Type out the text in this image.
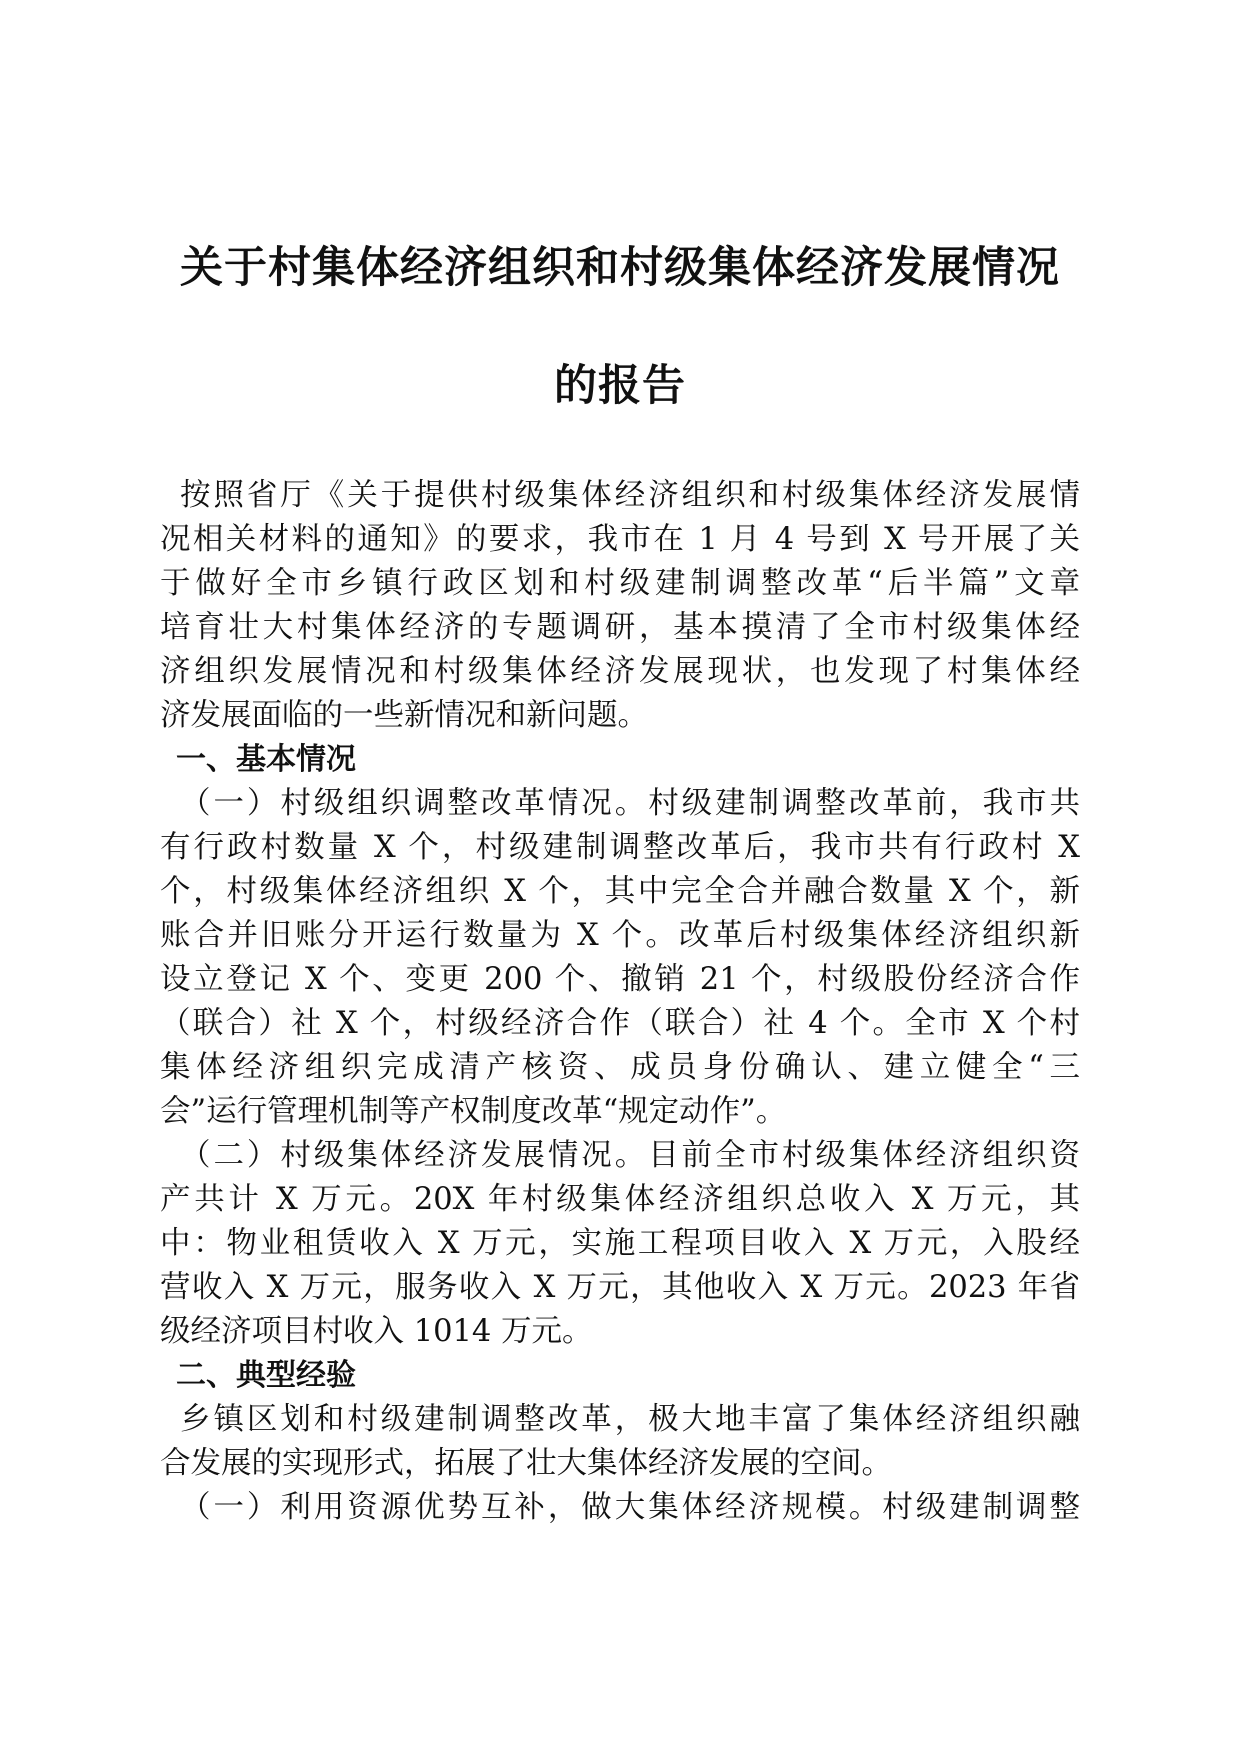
关于村集体经济组织和村级集体经济发展情况
的报告
按照省厅《关于提供村级集体经济组织和村级集体经济发展情
况相关材料的通知》的要求，我市在 1 月 4 号到 X 号开展了关
于做好全市乡镇行政区划和村级建制调整改革“后半篇”文章
培育壮大村集体经济的专题调研，基本摸清了全市村级集体经
济组织发展情况和村级集体经济发展现状，也发现了村集体经
济发展面临的一些新情况和新问题。
一、基本情况
（一）村级组织调整改革情况。村级建制调整改革前，我市共
有行政村数量 X 个，村级建制调整改革后，我市共有行政村 X
个，村级集体经济组织 X 个，其中完全合并融合数量 X 个，新
账合并旧账分开运行数量为 X 个。改革后村级集体经济组织新
设立登记 X 个、变更 200 个、撤销 21 个，村级股份经济合作
（联合）社 X 个，村级经济合作（联合）社 4 个。全市 X 个村
集体经济组织完成清产核资、成员身份确认、建立健全“三
会”运行管理机制等产权制度改革“规定动作”。
（二）村级集体经济发展情况。目前全市村级集体经济组织资
产共计 X 万元。20X 年村级集体经济组织总收入 X 万元，其
中：物业租赁收入 X 万元，实施工程项目收入 X 万元，入股经
营收入 X 万元，服务收入 X 万元，其他收入 X 万元。2023 年省
级经济项目村收入 1014 万元。
二、典型经验
乡镇区划和村级建制调整改革，极大地丰富了集体经济组织融
合发展的实现形式，拓展了壮大集体经济发展的空间。
（一）利用资源优势互补，做大集体经济规模。村级建制调整
